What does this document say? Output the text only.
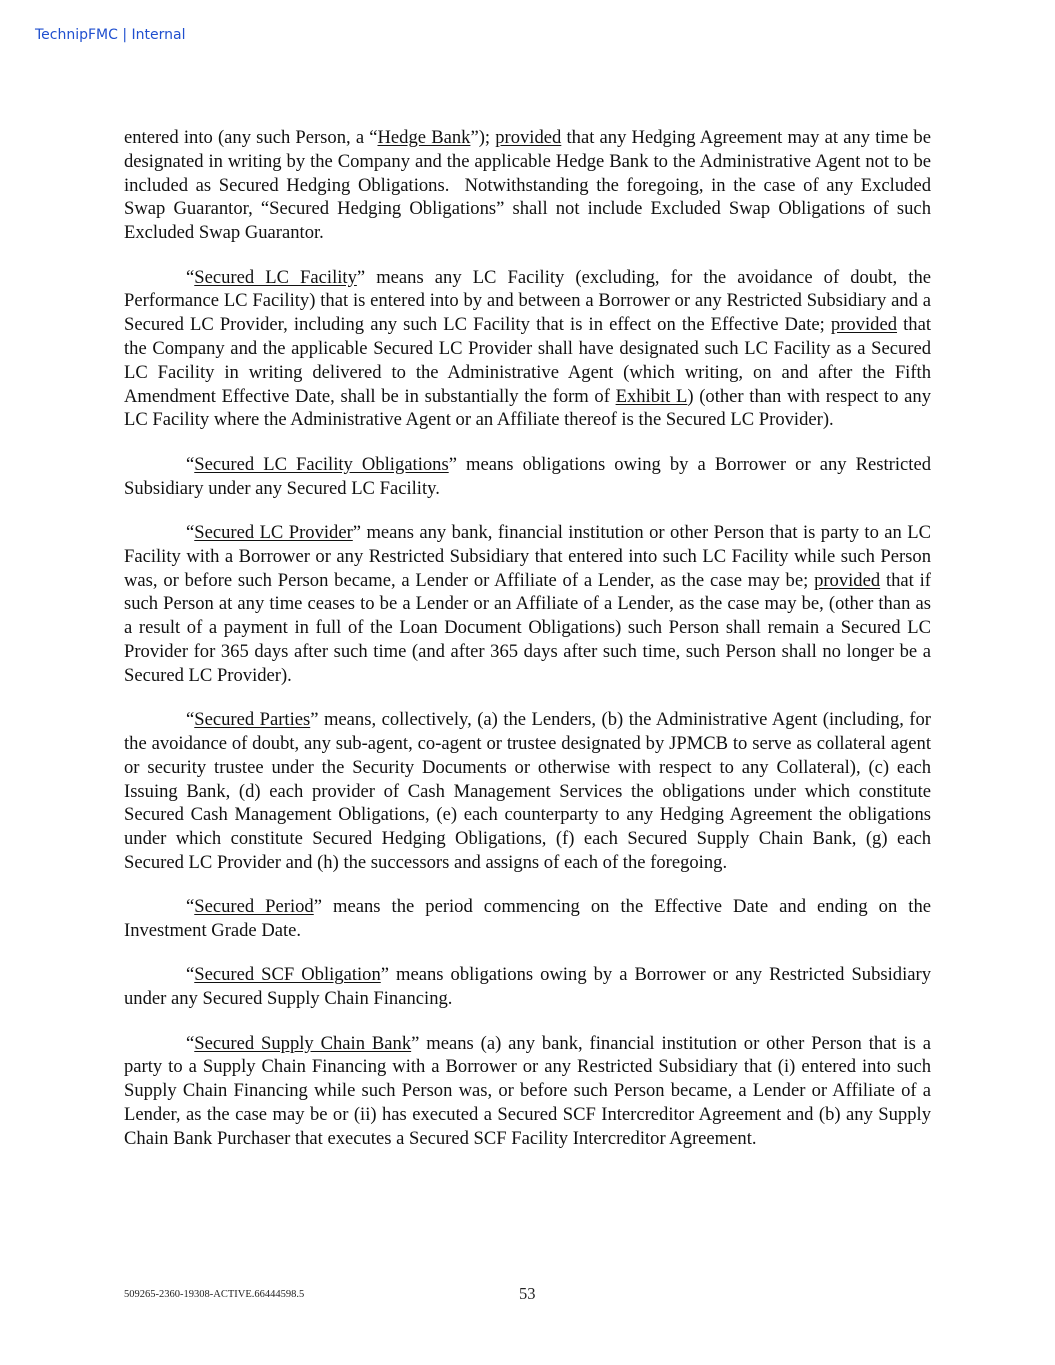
TechnipFMC | Internal

entered into (any such Person, a “Hedge Bank”); provided that any Hedging Agreement may at any time be designated in writing by the Company and the applicable Hedge Bank to the Administrative Agent not to be included as Secured Hedging Obligations.  Notwithstanding the foregoing, in the case of any Excluded Swap Guarantor, “Secured Hedging Obligations” shall not include Excluded Swap Obligations of such Excluded Swap Guarantor.

“Secured LC Facility” means any LC Facility (excluding, for the avoidance of doubt, the Performance LC Facility) that is entered into by and between a Borrower or any Restricted Subsidiary and a Secured LC Provider, including any such LC Facility that is in effect on the Effective Date; provided that the Company and the applicable Secured LC Provider shall have designated such LC Facility as a Secured LC Facility in writing delivered to the Administrative Agent (which writing, on and after the Fifth Amendment Effective Date, shall be in substantially the form of Exhibit L) (other than with respect to any LC Facility where the Administrative Agent or an Affiliate thereof is the Secured LC Provider).

“Secured LC Facility Obligations” means obligations owing by a Borrower or any Restricted Subsidiary under any Secured LC Facility.

“Secured LC Provider” means any bank, financial institution or other Person that is party to an LC Facility with a Borrower or any Restricted Subsidiary that entered into such LC Facility while such Person was, or before such Person became, a Lender or Affiliate of a Lender, as the case may be; provided that if such Person at any time ceases to be a Lender or an Affiliate of a Lender, as the case may be, (other than as a result of a payment in full of the Loan Document Obligations) such Person shall remain a Secured LC Provider for 365 days after such time (and after 365 days after such time, such Person shall no longer be a Secured LC Provider).

“Secured Parties” means, collectively, (a) the Lenders, (b) the Administrative Agent (including, for the avoidance of doubt, any sub-agent, co-agent or trustee designated by JPMCB to serve as collateral agent or security trustee under the Security Documents or otherwise with respect to any Collateral), (c) each Issuing Bank, (d) each provider of Cash Management Services the obligations under which constitute Secured Cash Management Obligations, (e) each counterparty to any Hedging Agreement the obligations under which constitute Secured Hedging Obligations, (f) each Secured Supply Chain Bank, (g) each Secured LC Provider and (h) the successors and assigns of each of the foregoing.

“Secured Period” means the period commencing on the Effective Date and ending on the Investment Grade Date.

“Secured SCF Obligation” means obligations owing by a Borrower or any Restricted Subsidiary under any Secured Supply Chain Financing.

“Secured Supply Chain Bank” means (a) any bank, financial institution or other Person that is a party to a Supply Chain Financing with a Borrower or any Restricted Subsidiary that (i) entered into such Supply Chain Financing while such Person was, or before such Person became, a Lender or Affiliate of a Lender, as the case may be or (ii) has executed a Secured SCF Intercreditor Agreement and (b) any Supply Chain Bank Purchaser that executes a Secured SCF Facility Intercreditor Agreement.

509265-2360-19308-ACTIVE.66444598.5	53
